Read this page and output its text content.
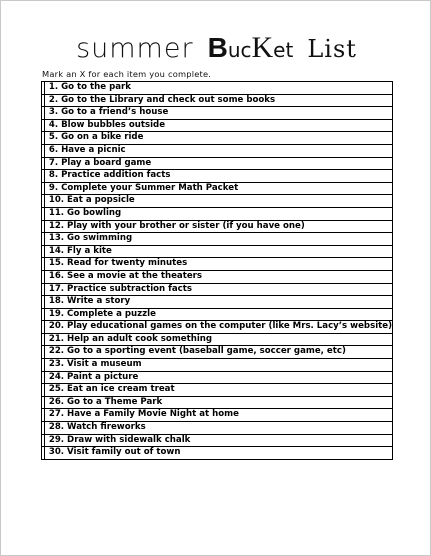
summer BucKet List
Mark an X for each item you complete.
	1. Go to the park
	2. Go to the Library and check out some books
	3. Go to a friend’s house
	4. Blow bubbles outside
	5. Go on a bike ride
	6. Have a picnic
	7. Play a board game
	8. Practice addition facts
	9. Complete your Summer Math Packet
	10. Eat a popsicle
	11. Go bowling
	12. Play with your brother or sister (if you have one)
	13. Go swimming
	14. Fly a kite
	15. Read for twenty minutes
	16. See a movie at the theaters
	17. Practice subtraction facts
	18. Write a story
	19. Complete a puzzle
	20. Play educational games on the computer (like Mrs. Lacy’s website)
	21. Help an adult cook something
	22. Go to a sporting event (baseball game, soccer game, etc)
	23. Visit a museum
	24. Paint a picture
	25. Eat an ice cream treat
	26. Go to a Theme Park
	27. Have a Family Movie Night at home
	28. Watch fireworks
	29. Draw with sidewalk chalk
	30. Visit family out of town
